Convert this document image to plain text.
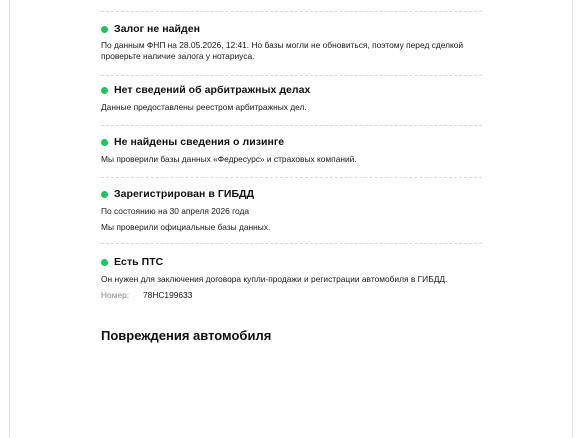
Залог не найден

По данным ФНП на 28.05.2026, 12:41. Но базы могли не обновиться, поэтому перед сделкой

проверьте наличие залога у нотариуса.

Нет сведений об арбитражных делах

Данные предоставлены реестром арбитражных дел.

Не найдены сведения о лизинге

Мы проверили базы данных «Федресурс» и страховых компаний.

Зарегистрирован в ГИБДД

По состоянию на 30 апреля 2026 года

Мы проверили официальные базы данных.

Есть ПТС

Он нужен для заключения договора купли-продажи и регистрации автомобиля в ГИБДД.

Номер:	78НС199633
Повреждения автомобиля
